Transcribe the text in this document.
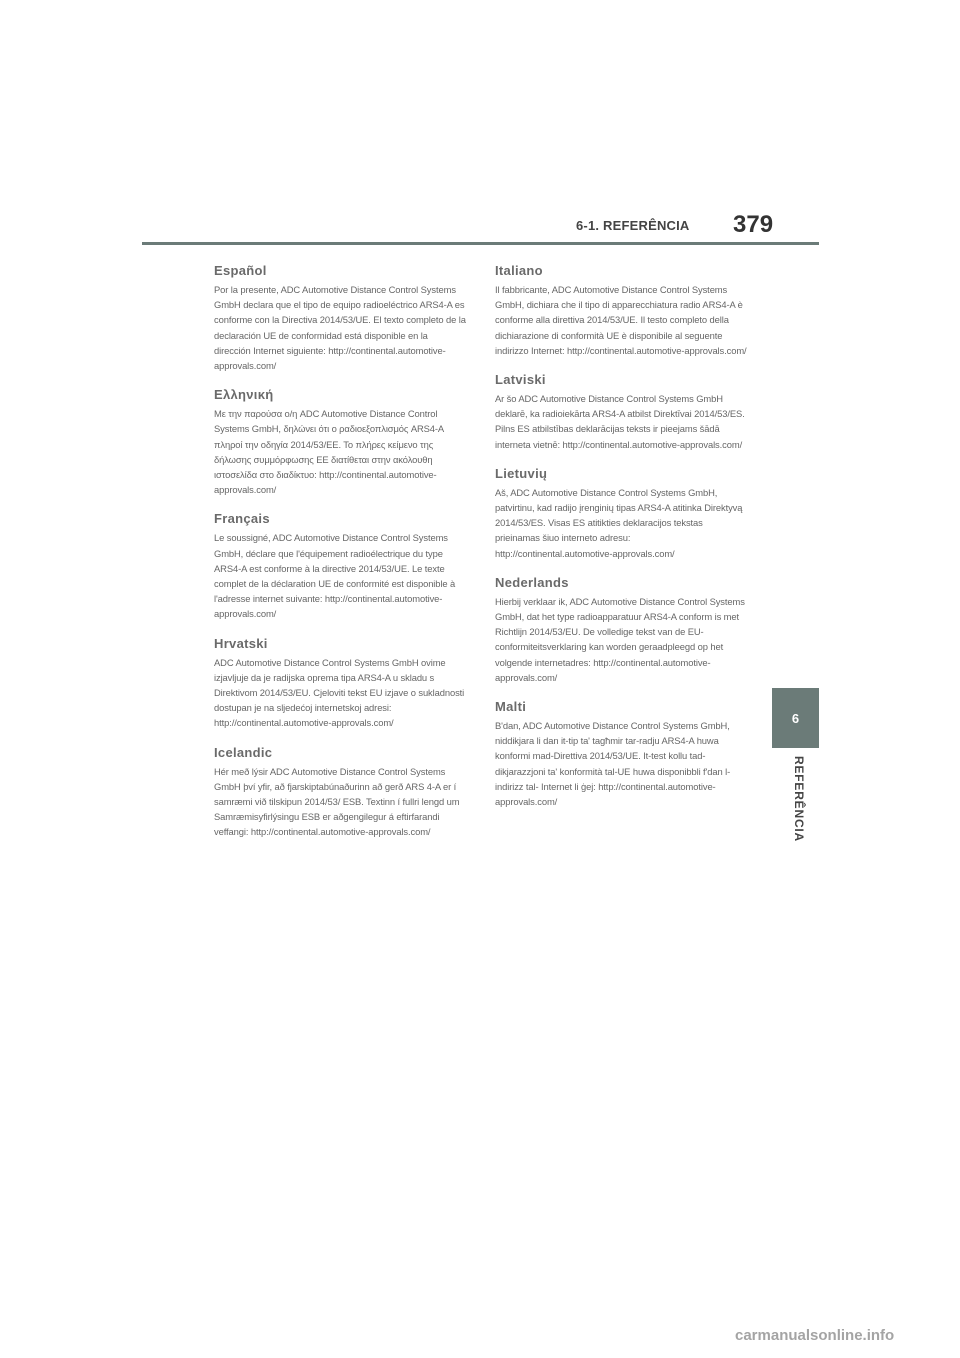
6-1. REFERÊNCIA 379
6
REFERÊNCIA
Español

Por la presente, ADC Automotive Distance Control Systems GmbH declara que el tipo de equipo radioeléctrico ARS4-A es conforme con la Directiva 2014/53/UE. El texto completo de la declaración UE de conformidad está disponible en la dirección Internet siguiente: http://continental.automotive-approvals.com/

Ελληνική

Με την παρούσα ο/η ADC Automotive Distance Control Systems GmbH, δηλώνει ότι ο ραδιοεξοπλισμός ARS4-A πληροί την οδηγία 2014/53/ΕΕ. Το πλήρες κείμενο της δήλωσης συμμόρφωσης ΕΕ διατίθεται στην ακόλουθη ιστοσελίδα στο διαδίκτυο: http://continental.automotive-approvals.com/

Français

Le soussigné, ADC Automotive Distance Control Systems GmbH, déclare que l'équipement radioélectrique du type ARS4-A est conforme à la directive 2014/53/UE. Le texte complet de la déclaration UE de conformité est disponible à l'adresse internet suivante: http://continental.automotive-approvals.com/

Hrvatski

ADC Automotive Distance Control Systems GmbH ovime izjavljuje da je radijska oprema tipa ARS4-A u skladu s Direktivom 2014/53/EU. Cjeloviti tekst EU izjave o sukladnosti dostupan je na sljedećoj internetskoj adresi: http://continental.automotive-approvals.com/

Icelandic

Hér með lýsir ADC Automotive Distance Control Systems GmbH því yfir, að fjarskiptabúnaðurinn að gerð ARS 4-A er í samræmi við tilskipun 2014/53/ ESB. Textinn í fullri lengd um Samræmisyfirlýsingu ESB er aðgengilegur á eftirfarandi veffangi: http://continental.automotive-approvals.com/

Italiano

Il fabbricante, ADC Automotive Distance Control Systems GmbH, dichiara che il tipo di apparecchiatura radio ARS4-A è conforme alla direttiva 2014/53/UE. Il testo completo della dichiarazione di conformità UE è disponibile al seguente indirizzo Internet: http://continental.automotive-approvals.com/

Latviski

Ar šo ADC Automotive Distance Control Systems GmbH deklarē, ka radioiekārta ARS4-A atbilst Direktīvai 2014/53/ES. Pilns ES atbilstības deklarācijas teksts ir pieejams šādā interneta vietnē: http://continental.automotive-approvals.com/

Lietuvių

Aš, ADC Automotive Distance Control Systems GmbH, patvirtinu, kad radijo įrenginių tipas ARS4-A atitinka Direktyvą 2014/53/ES. Visas ES atitikties deklaracijos tekstas prieinamas šiuo interneto adresu: http://continental.automotive-approvals.com/

Nederlands

Hierbij verklaar ik, ADC Automotive Distance Control Systems GmbH, dat het type radioapparatuur ARS4-A conform is met Richtlijn 2014/53/EU. De volledige tekst van de EU-conformiteitsverklaring kan worden geraadpleegd op het volgende internetadres: http://continental.automotive-approvals.com/

Malti

B'dan, ADC Automotive Distance Control Systems GmbH, niddikjara li dan it-tip ta' tagħmir tar-radju ARS4-A huwa konformi mad-Direttiva 2014/53/UE. It-test kollu tad-dikjarazzjoni ta' konformità tal-UE huwa disponibbli f'dan l-indirizz tal- Internet li ġej: http://continental.automotive-approvals.com/

carmanualsonline.info
